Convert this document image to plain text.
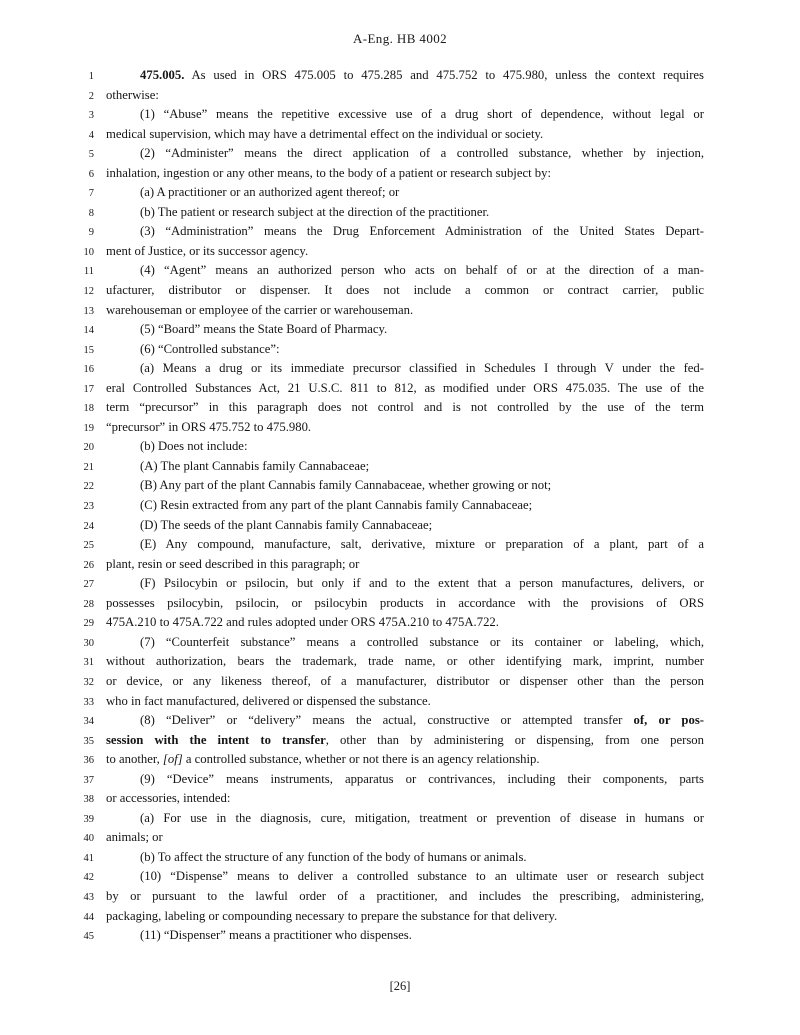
A-Eng. HB 4002
1	475.005. As used in ORS 475.005 to 475.285 and 475.752 to 475.980, unless the context requires
2 otherwise:
3	(1) “Abuse” means the repetitive excessive use of a drug short of dependence, without legal or
4 medical supervision, which may have a detrimental effect on the individual or society.
5	(2) “Administer” means the direct application of a controlled substance, whether by injection,
6 inhalation, ingestion or any other means, to the body of a patient or research subject by:
7	(a) A practitioner or an authorized agent thereof; or
8	(b) The patient or research subject at the direction of the practitioner.
9	(3) “Administration” means the Drug Enforcement Administration of the United States Depart-
10 ment of Justice, or its successor agency.
11	(4) “Agent” means an authorized person who acts on behalf of or at the direction of a man-
12 ufacturer, distributor or dispenser. It does not include a common or contract carrier, public
13 warehouseman or employee of the carrier or warehouseman.
14	(5) “Board” means the State Board of Pharmacy.
15	(6) “Controlled substance”:
16	(a) Means a drug or its immediate precursor classified in Schedules I through V under the fed-
17 eral Controlled Substances Act, 21 U.S.C. 811 to 812, as modified under ORS 475.035. The use of the
18 term “precursor” in this paragraph does not control and is not controlled by the use of the term
19 “precursor” in ORS 475.752 to 475.980.
20	(b) Does not include:
21	(A) The plant Cannabis family Cannabaceae;
22	(B) Any part of the plant Cannabis family Cannabaceae, whether growing or not;
23	(C) Resin extracted from any part of the plant Cannabis family Cannabaceae;
24	(D) The seeds of the plant Cannabis family Cannabaceae;
25	(E) Any compound, manufacture, salt, derivative, mixture or preparation of a plant, part of a
26 plant, resin or seed described in this paragraph; or
27	(F) Psilocybin or psilocin, but only if and to the extent that a person manufactures, delivers, or
28 possesses psilocybin, psilocin, or psilocybin products in accordance with the provisions of ORS
29 475A.210 to 475A.722 and rules adopted under ORS 475A.210 to 475A.722.
30	(7) “Counterfeit substance” means a controlled substance or its container or labeling, which,
31 without authorization, bears the trademark, trade name, or other identifying mark, imprint, number
32 or device, or any likeness thereof, of a manufacturer, distributor or dispenser other than the person
33 who in fact manufactured, delivered or dispensed the substance.
34	(8) “Deliver” or “delivery” means the actual, constructive or attempted transfer of, or pos-
35 session with the intent to transfer, other than by administering or dispensing, from one person
36 to another, [of] a controlled substance, whether or not there is an agency relationship.
37	(9) “Device” means instruments, apparatus or contrivances, including their components, parts
38 or accessories, intended:
39	(a) For use in the diagnosis, cure, mitigation, treatment or prevention of disease in humans or
40 animals; or
41	(b) To affect the structure of any function of the body of humans or animals.
42	(10) “Dispense” means to deliver a controlled substance to an ultimate user or research subject
43 by or pursuant to the lawful order of a practitioner, and includes the prescribing, administering,
44 packaging, labeling or compounding necessary to prepare the substance for that delivery.
45	(11) “Dispenser” means a practitioner who dispenses.
[26]
